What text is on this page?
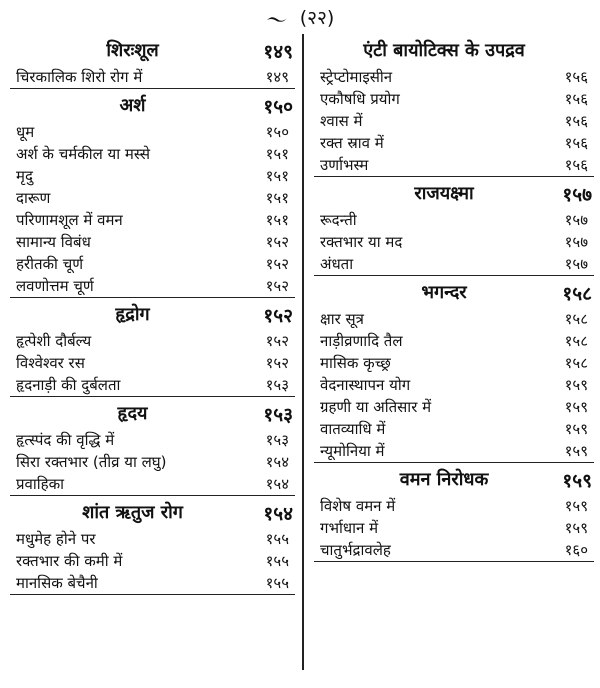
(२२)
शिरःशूल	१४९
चिरकालिक शिरो रोग में	१४९
अर्श	१५०
धूम	१५०
अर्श के चर्मकील या मस्से	१५१
मृदु	१५१
दारूण	१५१
परिणामशूल में वमन	१५१
सामान्य विबंध	१५२
हरीतकी चूर्ण	१५२
लवणोत्तम चूर्ण	१५२
हृद्रोग	१५२
हृत्पेशी दौर्बल्य	१५२
विश्वेश्वर रस	१५२
हृदनाड़ी की दुर्बलता	१५३
हृदय	१५३
हृत्स्पंद की वृद्धि में	१५३
सिरा रक्तभार (तीव्र या लघु)	१५४
प्रवाहिका	१५४
शांत ऋतुज रोग	१५४
मधुमेह होने पर	१५५
रक्तभार की कमी में	१५५
मानसिक बेचैनी	१५५
एंटी बायोटिक्स के उपद्रव
स्ट्रेप्टोमाइसीन	१५६
एकौषधि प्रयोग	१५६
श्वास में	१५६
रक्त स्राव में	१५६
उर्णाभस्म	१५६
राजयक्ष्मा	१५७
रूदन्ती	१५७
रक्तभार या मद	१५७
अंधता	१५७
भगन्दर	१५८
क्षार सूत्र	१५८
नाड़ीव्रणादि तैल	१५८
मासिक कृच्छ्र	१५८
वेदनास्थापन योग	१५९
ग्रहणी या अतिसार में	१५९
वातव्याधि में	१५९
न्यूमोनिया में	१५९
वमन निरोधक	१५९
विशेष वमन में	१५९
गर्भाधान में	१५९
चातुर्भद्रावलेह	१६०
